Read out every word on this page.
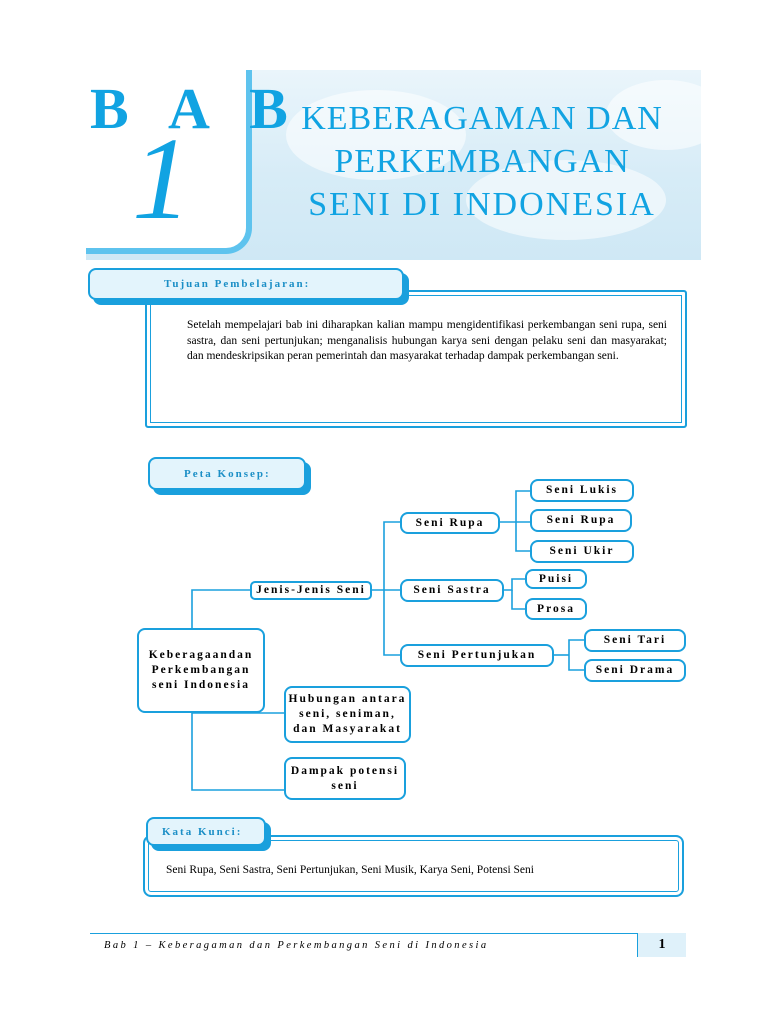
B A B
1	KEBERAGAMAN DAN
PERKEMBANGAN
SENI DI INDONESIA
Tujuan Pembelajaran:
Setelah mempelajari bab ini diharapkan kalian mampu mengidentifikasi perkembangan seni rupa, seni sastra, dan seni pertunjukan; menganalisis hubungan karya seni dengan pelaku seni dan masyarakat; dan mendeskripsikan peran pemerintah dan masyarakat terhadap dampak perkembangan seni.
Peta Konsep:
Keberagaandan Perkembangan seni Indonesia
Jenis-Jenis Seni
Hubungan antara seni, seniman, dan Masyarakat
Dampak potensi seni
Seni Rupa
Seni Sastra
Seni Pertunjukan
Seni Lukis
Seni Rupa
Seni Ukir
Puisi
Prosa
Seni Tari
Seni Drama
Kata Kunci:
Seni Rupa, Seni Sastra, Seni Pertunjukan, Seni Musik, Karya Seni, Potensi Seni
Bab 1 – Keberagaman dan Perkembangan Seni di Indonesia	1
